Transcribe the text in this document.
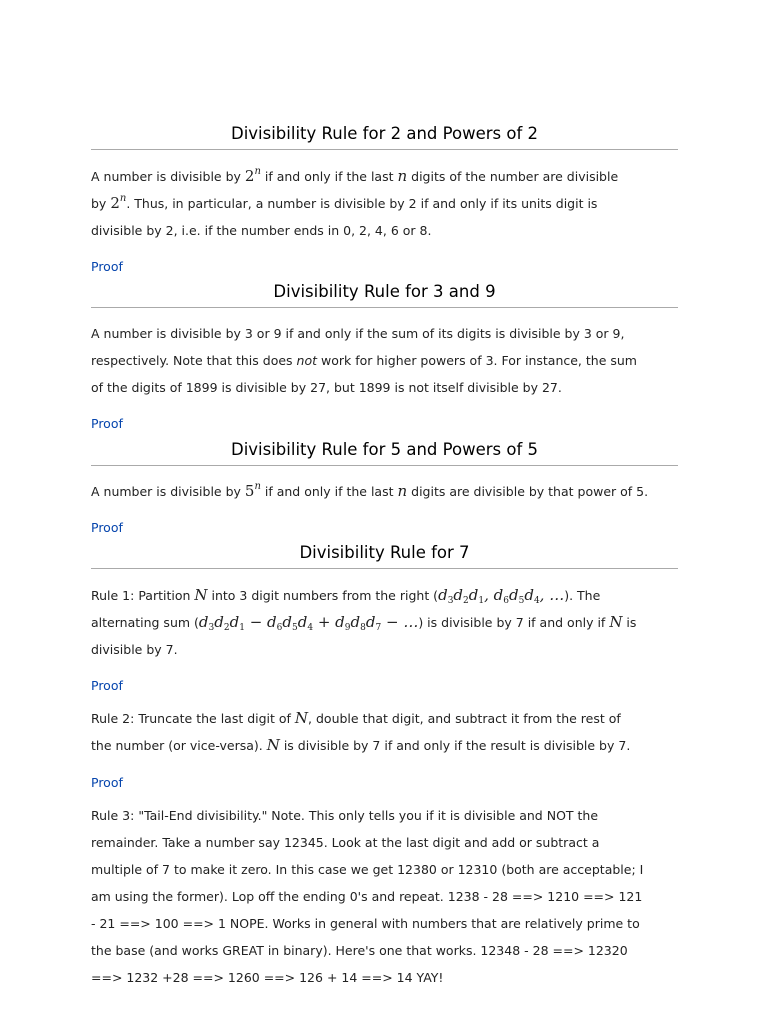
Divisibility Rule for 2 and Powers of 2

A number is divisible by 2$^n$ if and only if the last n digits of the number are divisible
by 2$^n$. Thus, in particular, a number is divisible by 2 if and only if its units digit is
divisible by 2, i.e. if the number ends in 0, 2, 4, 6 or 8.

Proof
Divisibility Rule for 3 and 9

A number is divisible by 3 or 9 if and only if the sum of its digits is divisible by 3 or 9,
respectively. Note that this does not work for higher powers of 3. For instance, the sum
of the digits of 1899 is divisible by 27, but 1899 is not itself divisible by 27.

Proof
Divisibility Rule for 5 and Powers of 5

A number is divisible by 5$^n$ if and only if the last n digits are divisible by that power of 5.

Proof
Divisibility Rule for 7

Rule 1: Partition N into 3 digit numbers from the right ($d_3d_2d_1$, $d_6d_5d_4$, …). The
alternating sum ($d_3d_2d_1 - d_6d_5d_4 + d_9d_8d_7$ − …) is divisible by 7 if and only if N is
divisible by 7.

Proof

Rule 2: Truncate the last digit of N, double that digit, and subtract it from the rest of
the number (or vice-versa). N is divisible by 7 if and only if the result is divisible by 7.

Proof

Rule 3: "Tail-End divisibility." Note. This only tells you if it is divisible and NOT the
remainder. Take a number say 12345. Look at the last digit and add or subtract a
multiple of 7 to make it zero. In this case we get 12380 or 12310 (both are acceptable; I
am using the former). Lop off the ending 0's and repeat. 1238 - 28 ==> 1210 ==> 121
- 21 ==> 100 ==> 1 NOPE. Works in general with numbers that are relatively prime to
the base (and works GREAT in binary). Here's one that works. 12348 - 28 ==> 12320
==> 1232 +28 ==> 1260 ==> 126 + 14 ==> 14 YAY!
